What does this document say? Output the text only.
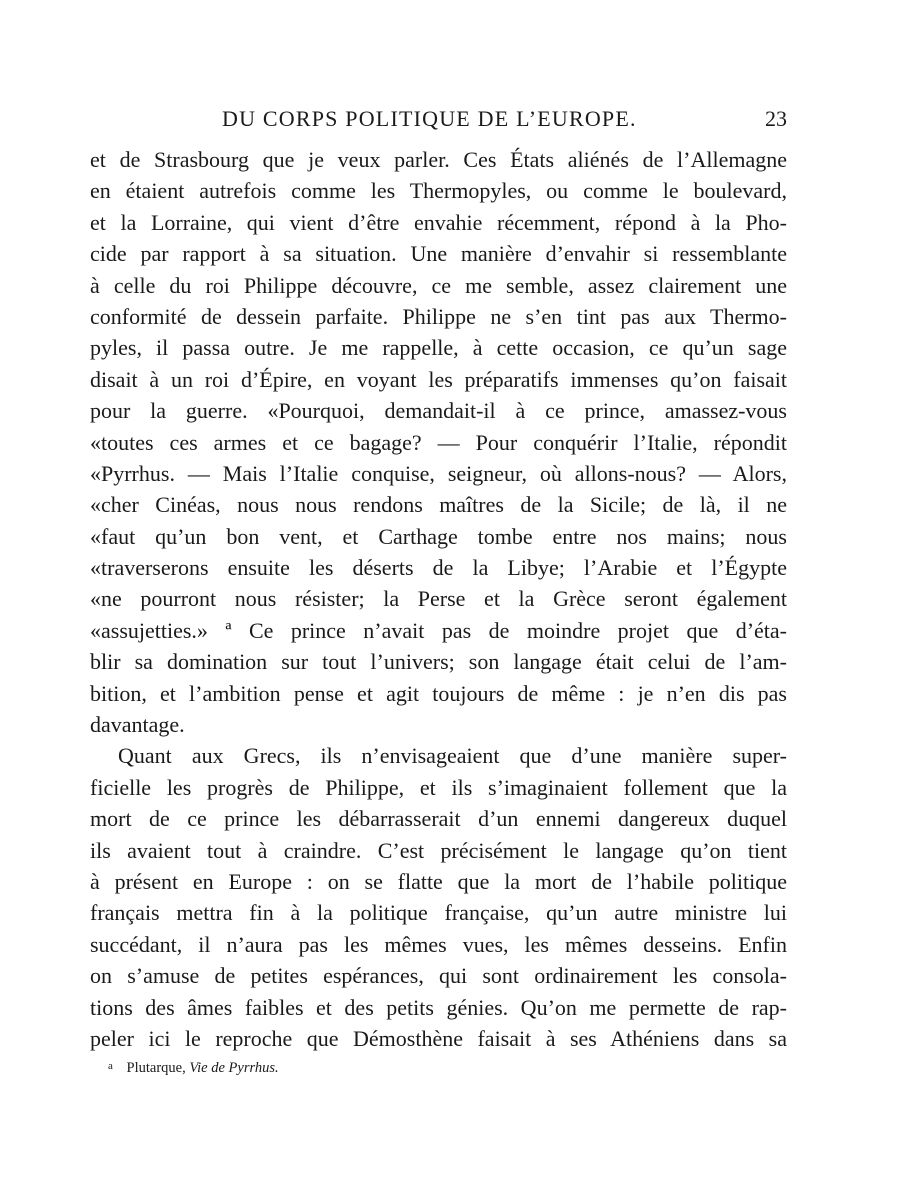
DU CORPS POLITIQUE DE L’EUROPE.	23
et de Strasbourg que je veux parler. Ces États aliénés de l’Allemagne
en étaient autrefois comme les Thermopyles, ou comme le boulevard,
et la Lorraine, qui vient d’être envahie récemment, répond à la Pho-
cide par rapport à sa situation. Une manière d’envahir si ressemblante
à celle du roi Philippe découvre, ce me semble, assez clairement une
conformité de dessein parfaite. Philippe ne s’en tint pas aux Thermo-
pyles, il passa outre. Je me rappelle, à cette occasion, ce qu’un sage
disait à un roi d’Épire, en voyant les préparatifs immenses qu’on faisait
pour la guerre. «Pourquoi, demandait-il à ce prince, amassez-vous
«toutes ces armes et ce bagage? — Pour conquérir l’Italie, répondit
«Pyrrhus. — Mais l’Italie conquise, seigneur, où allons-nous? — Alors,
«cher Cinéas, nous nous rendons maîtres de la Sicile; de là, il ne
«faut qu’un bon vent, et Carthage tombe entre nos mains; nous
«traverserons ensuite les déserts de la Libye; l’Arabie et l’Égypte
«ne pourront nous résister; la Perse et la Grèce seront également
«assujetties.» ª Ce prince n’avait pas de moindre projet que d’éta-
blir sa domination sur tout l’univers; son langage était celui de l’am-
bition, et l’ambition pense et agit toujours de même : je n’en dis pas
davantage.
Quant aux Grecs, ils n’envisageaient que d’une manière super-
ficielle les progrès de Philippe, et ils s’imaginaient follement que la
mort de ce prince les débarrasserait d’un ennemi dangereux duquel
ils avaient tout à craindre. C’est précisément le langage qu’on tient
à présent en Europe : on se flatte que la mort de l’habile politique
français mettra fin à la politique française, qu’un autre ministre lui
succédant, il n’aura pas les mêmes vues, les mêmes desseins. Enfin
on s’amuse de petites espérances, qui sont ordinairement les consola-
tions des âmes faibles et des petits génies. Qu’on me permette de rap-
peler ici le reproche que Démosthène faisait à ses Athéniens dans sa
$^a$ Plutarque, Vie de Pyrrhus.
